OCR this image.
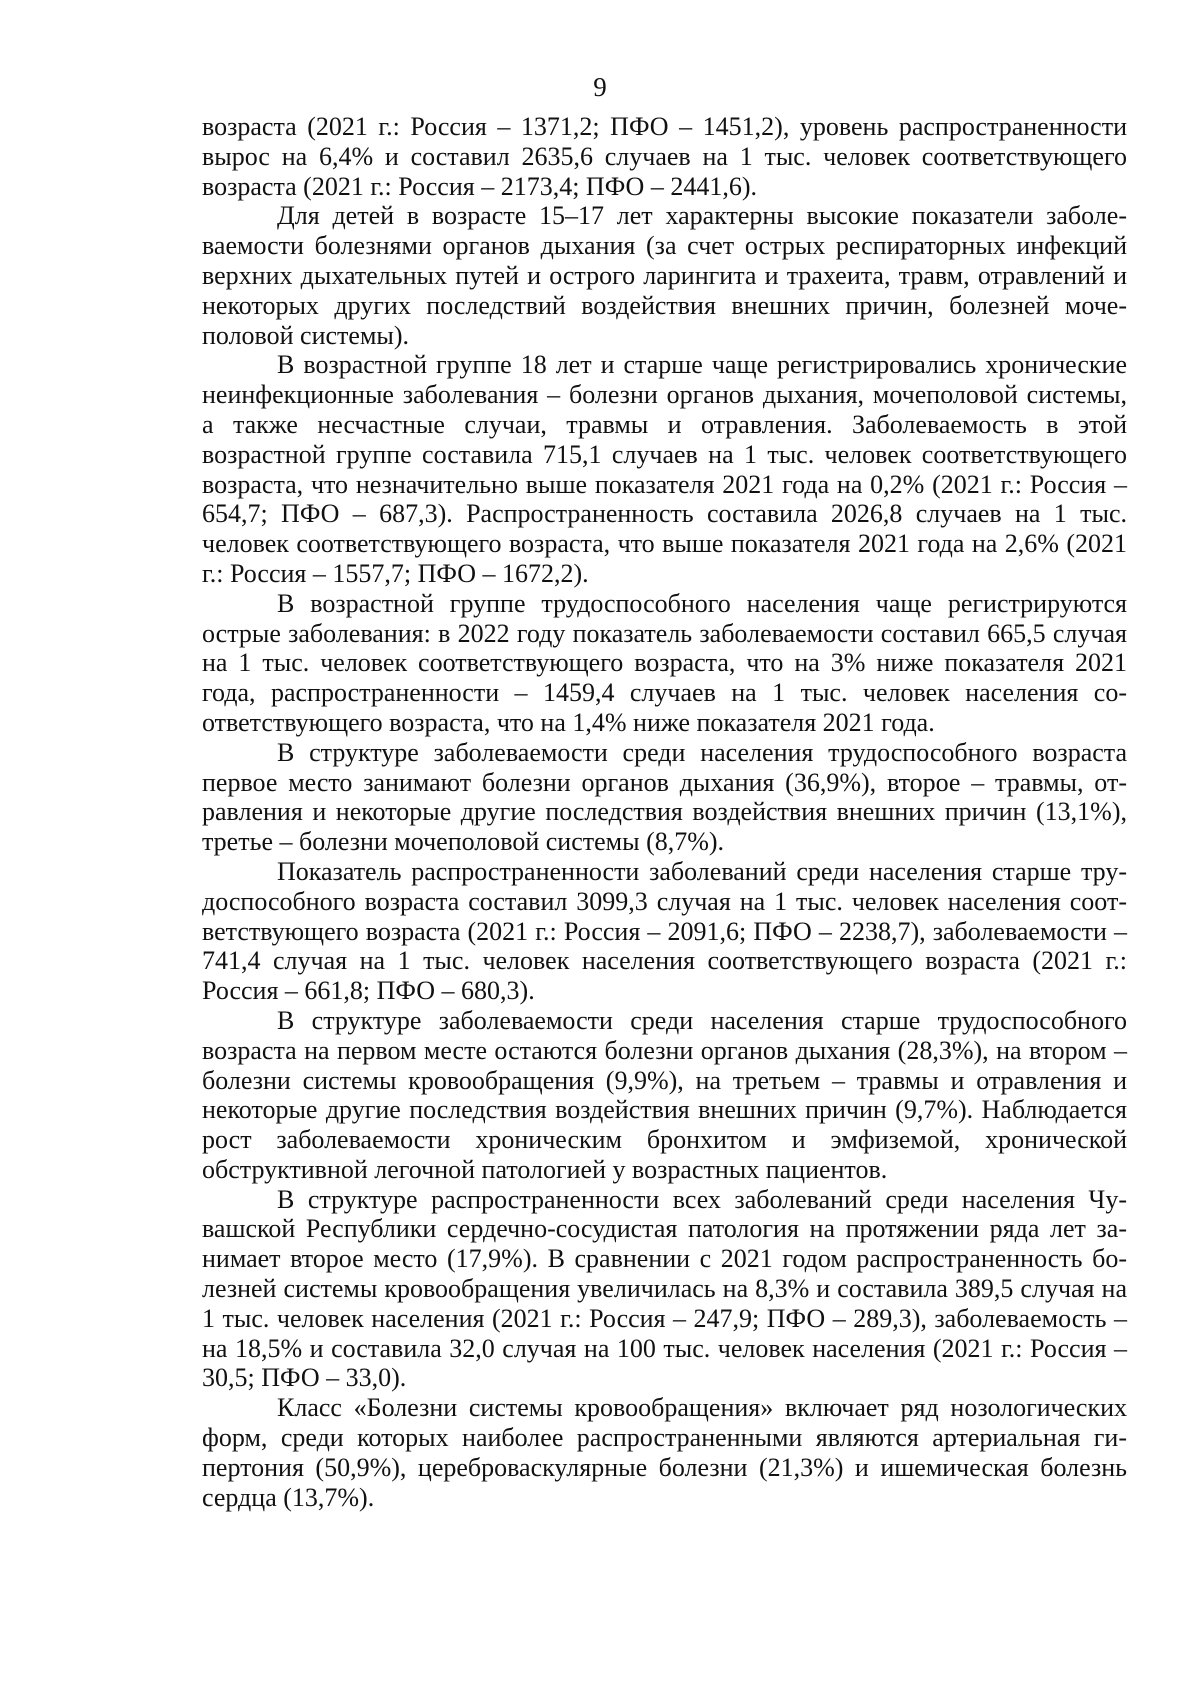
9

возраста (2021 г.: Россия – 1371,2; ПФО – 1451,2), уровень распространенности вырос на 6,4% и составил 2635,6 случаев на 1 тыс. человек соответствующего возраста (2021 г.: Россия – 2173,4; ПФО – 2441,6).

Для детей в возрасте 15–17 лет характерны высокие показатели заболеваемости болезнями органов дыхания (за счет острых респираторных инфекций верхних дыхательных путей и острого ларингита и трахеита, травм, отравлений и некоторых других последствий воздействия внешних причин, болезней мочеполовой системы).

В возрастной группе 18 лет и старше чаще регистрировались хронические неинфекционные заболевания – болезни органов дыхания, мочеполовой системы, а также несчастные случаи, травмы и отравления. Заболеваемость в этой возрастной группе составила 715,1 случаев на 1 тыс. человек соответствующего возраста, что незначительно выше показателя 2021 года на 0,2% (2021 г.: Россия – 654,7; ПФО – 687,3). Распространенность составила 2026,8 случаев на 1 тыс. человек соответствующего возраста, что выше показателя 2021 года на 2,6% (2021 г.: Россия – 1557,7; ПФО – 1672,2).

В возрастной группе трудоспособного населения чаще регистрируются острые заболевания: в 2022 году показатель заболеваемости составил 665,5 случая на 1 тыс. человек соответствующего возраста, что на 3% ниже показателя 2021 года, распространенности – 1459,4 случаев на 1 тыс. человек населения соответствующего возраста, что на 1,4% ниже показателя 2021 года.

В структуре заболеваемости среди населения трудоспособного возраста первое место занимают болезни органов дыхания (36,9%), второе – травмы, отравления и некоторые другие последствия воздействия внешних причин (13,1%), третье – болезни мочеполовой системы (8,7%).

Показатель распространенности заболеваний среди населения старше трудоспособного возраста составил 3099,3 случая на 1 тыс. человек населения соответствующего возраста (2021 г.: Россия – 2091,6; ПФО – 2238,7), заболеваемости – 741,4 случая на 1 тыс. человек населения соответствующего возраста (2021 г.: Россия – 661,8; ПФО – 680,3).

В структуре заболеваемости среди населения старше трудоспособного возраста на первом месте остаются болезни органов дыхания (28,3%), на втором – болезни системы кровообращения (9,9%), на третьем – травмы и отравления и некоторые другие последствия воздействия внешних причин (9,7%). Наблюдается рост заболеваемости хроническим бронхитом и эмфиземой, хронической обструктивной легочной патологией у возрастных пациентов.

В структуре распространенности всех заболеваний среди населения Чувашской Республики сердечно-сосудистая патология на протяжении ряда лет занимает второе место (17,9%). В сравнении с 2021 годом распространенность болезней системы кровообращения увеличилась на 8,3% и составила 389,5 случая на 1 тыс. человек населения (2021 г.: Россия – 247,9; ПФО – 289,3), заболеваемость – на 18,5% и составила 32,0 случая на 100 тыс. человек населения (2021 г.: Россия – 30,5; ПФО – 33,0).

Класс «Болезни системы кровообращения» включает ряд нозологических форм, среди которых наиболее распространенными являются артериальная гипертония (50,9%), цереброваскулярные болезни (21,3%) и ишемическая болезнь сердца (13,7%).
